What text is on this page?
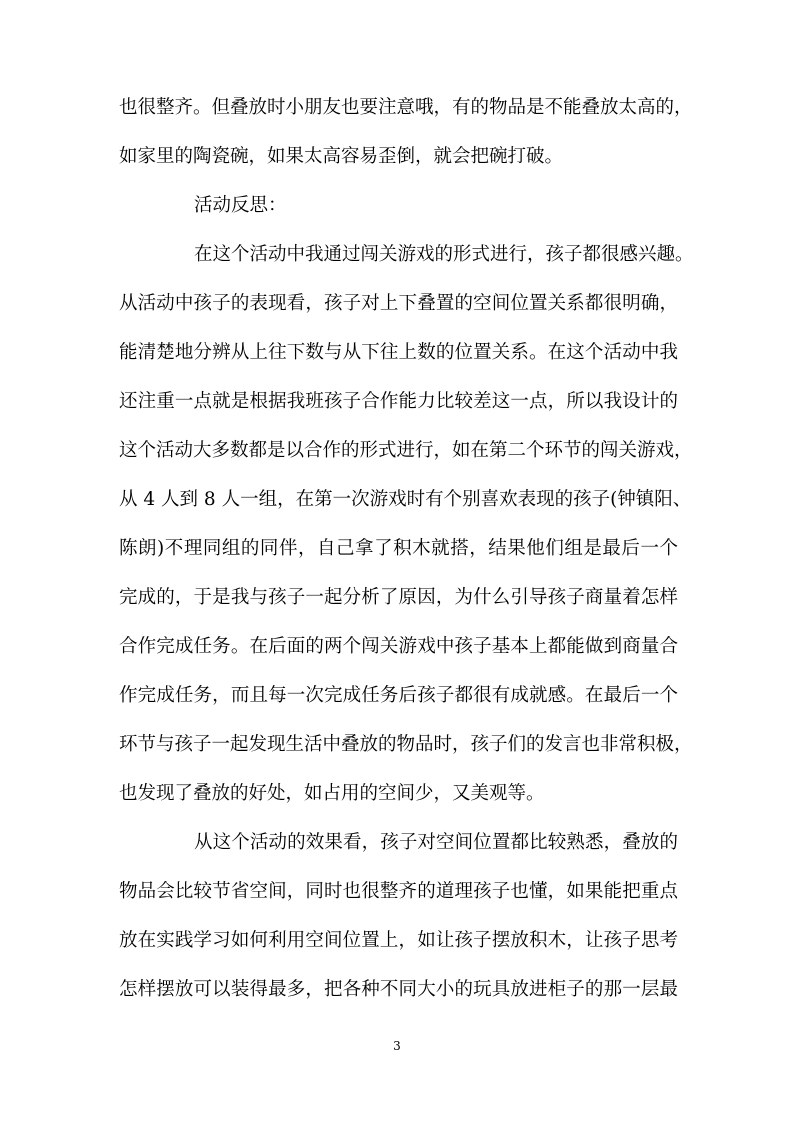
也很整齐。但叠放时小朋友也要注意哦，有的物品是不能叠放太高的，
如家里的陶瓷碗，如果太高容易歪倒，就会把碗打破。
活动反思：
在这个活动中我通过闯关游戏的形式进行，孩子都很感兴趣。
从活动中孩子的表现看，孩子对上下叠置的空间位置关系都很明确，
能清楚地分辨从上往下数与从下往上数的位置关系。在这个活动中我
还注重一点就是根据我班孩子合作能力比较差这一点，所以我设计的
这个活动大多数都是以合作的形式进行，如在第二个环节的闯关游戏，
从 4 人到 8 人一组，在第一次游戏时有个别喜欢表现的孩子(钟镇阳、
陈朗)不理同组的同伴，自己拿了积木就搭，结果他们组是最后一个
完成的，于是我与孩子一起分析了原因，为什么引导孩子商量着怎样
合作完成任务。在后面的两个闯关游戏中孩子基本上都能做到商量合
作完成任务，而且每一次完成任务后孩子都很有成就感。在最后一个
环节与孩子一起发现生活中叠放的物品时，孩子们的发言也非常积极，
也发现了叠放的好处，如占用的空间少，又美观等。
从这个活动的效果看，孩子对空间位置都比较熟悉，叠放的
物品会比较节省空间，同时也很整齐的道理孩子也懂，如果能把重点
放在实践学习如何利用空间位置上，如让孩子摆放积木，让孩子思考
怎样摆放可以装得最多，把各种不同大小的玩具放进柜子的那一层最
3
